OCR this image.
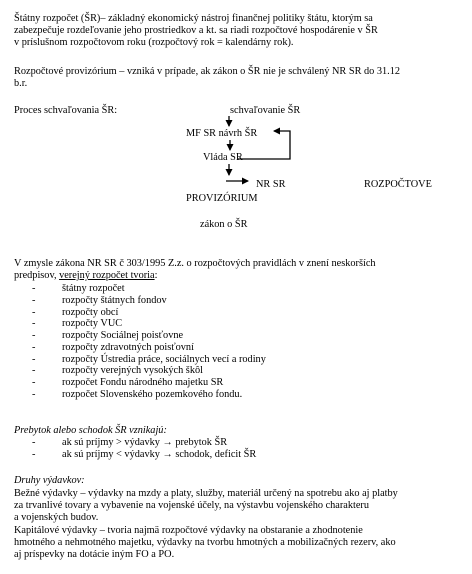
Štátny rozpočet (ŠR)– základný ekonomický nástroj finančnej politiky štátu, ktorým sa
zabezpečuje rozdeľovanie jeho prostriedkov a kt. sa riadi rozpočtové hospodárenie v ŠR
v príslušnom rozpočtovom roku (rozpočtový rok = kalendárny rok).
Rozpočtové provizórium – vzniká v prípade, ak zákon o ŠR nie je schválený NR SR do 31.12
b.r.
Proces schvaľovania ŠR:	schvaľovanie ŠR
MF SR návrh ŠR
Vláda SR
NR SR	ROZPOČTOVE
PROVIZÓRIUM
zákon o ŠR
V zmysle zákona NR SR č 303/1995 Z.z. o rozpočtových pravidlách v znení neskorších
predpisov, verejný rozpočet tvoria:
-	štátny rozpočet
-	rozpočty štátnych fondov
-	rozpočty obcí
-	rozpočty VUC
-	rozpočty Sociálnej poisťovne
-	rozpočty zdravotných poisťovní
-	rozpočty Ústredia práce, sociálnych vecí a rodiny
-	rozpočty verejných vysokých škôl
-	rozpočet Fondu národného majetku SR
-	rozpočet Slovenského pozemkového fondu.
Prebytok alebo schodok ŠR vznikajú:
-	ak sú príjmy > výdavky → prebytok ŠR
-	ak sú príjmy < výdavky → schodok, deficit ŠR
Druhy výdavkov:
Bežné výdavky – výdavky na mzdy a platy, služby, materiál určený na spotrebu ako aj platby
za trvanlivé tovary a vybavenie na vojenské účely, na výstavbu vojenského charakteru
a vojenských budov.
Kapitálové výdavky – tvoria najmä rozpočtové výdavky na obstaranie a zhodnotenie
hmotného a nehmotného majetku, výdavky na tvorbu hmotných a mobilizačných rezerv, ako
aj príspevky na dotácie iným FO a PO.
